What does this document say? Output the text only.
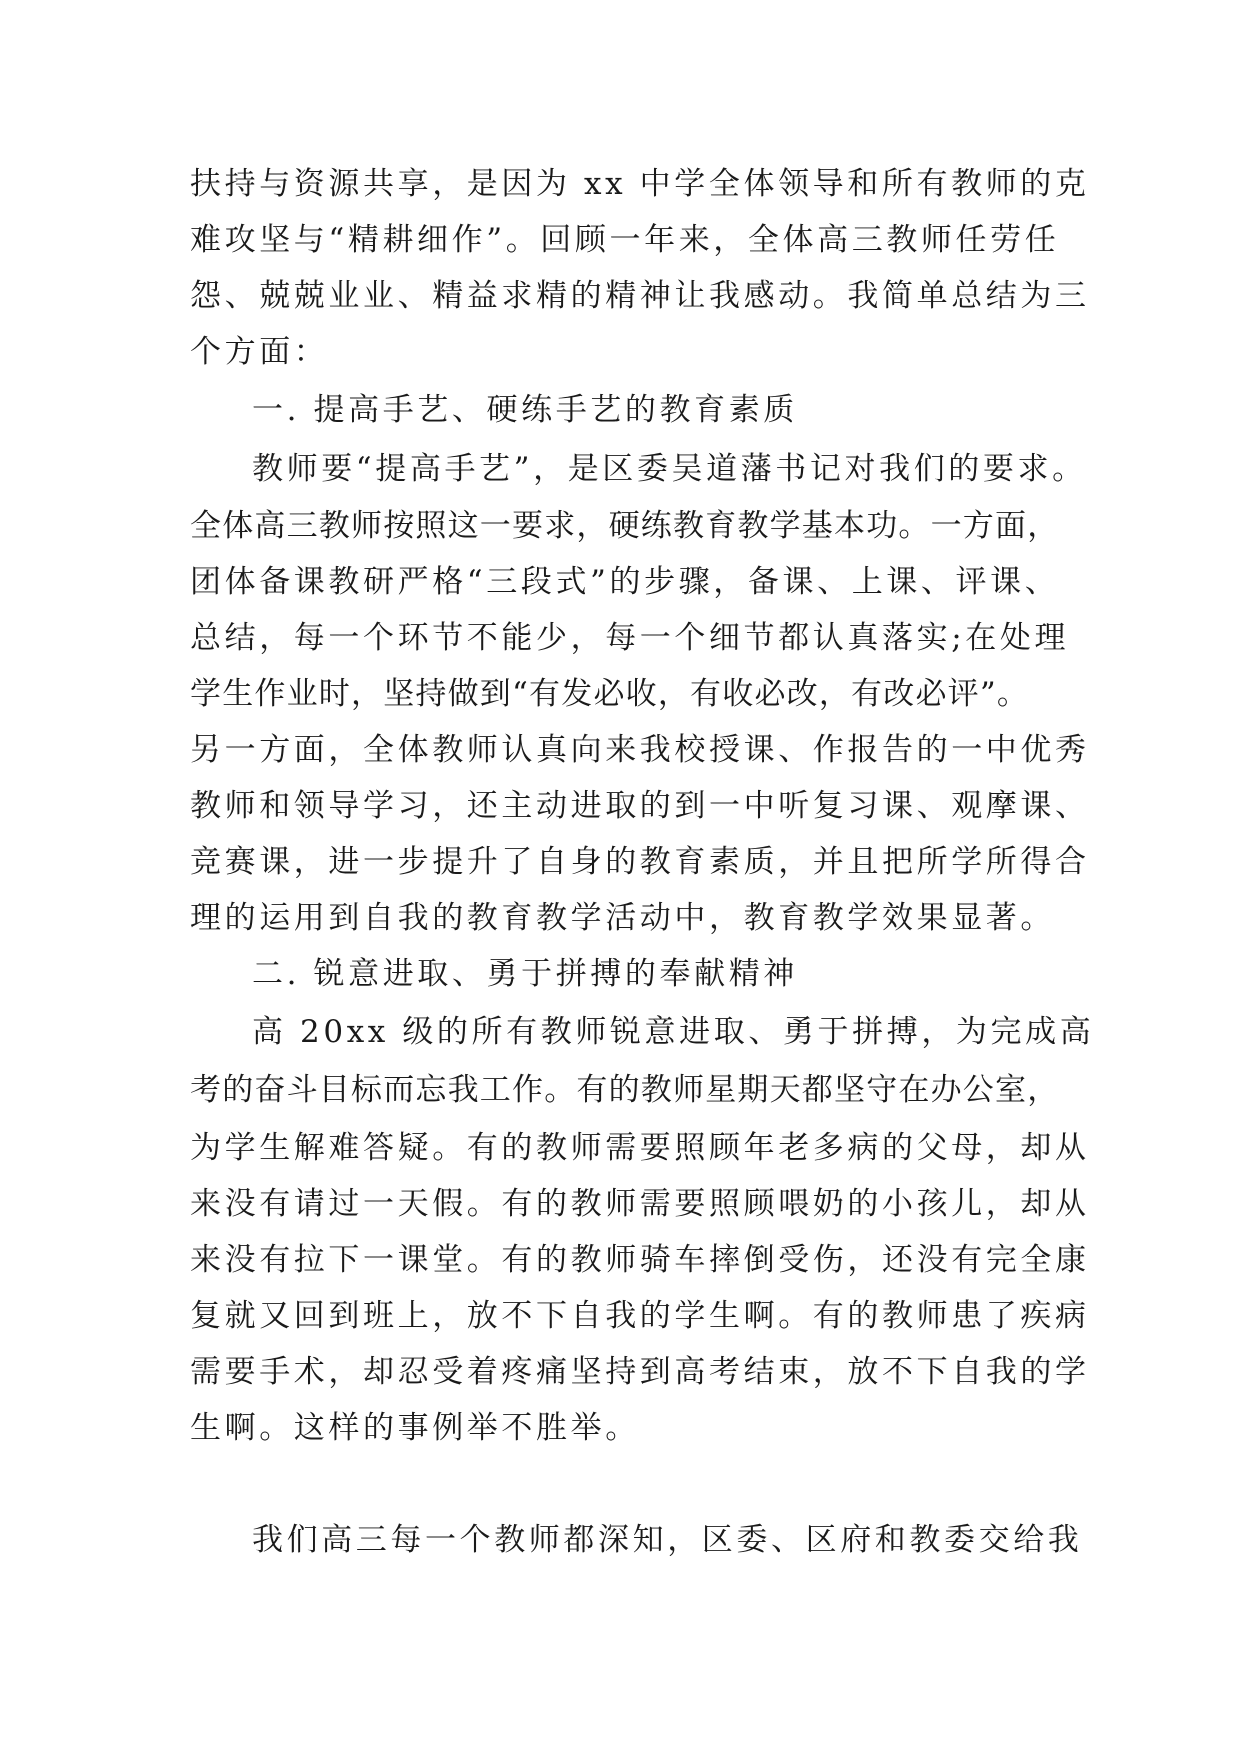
扶持与资源共享，是因为 xx 中学全体领导和所有教师的克
难攻坚与“精耕细作”。回顾一年来，全体高三教师任劳任
怨、兢兢业业、精益求精的精神让我感动。我简单总结为三
个方面：
一. 提高手艺、硬练手艺的教育素质
教师要“提高手艺”，是区委吴道藩书记对我们的要求。
全体高三教师按照这一要求，硬练教育教学基本功。一方面，
团体备课教研严格“三段式”的步骤，备课、上课、评课、
总结，每一个环节不能少，每一个细节都认真落实;在处理
学生作业时，坚持做到“有发必收，有收必改，有改必评”。
另一方面，全体教师认真向来我校授课、作报告的一中优秀
教师和领导学习，还主动进取的到一中听复习课、观摩课、
竞赛课，进一步提升了自身的教育素质，并且把所学所得合
理的运用到自我的教育教学活动中，教育教学效果显著。
二. 锐意进取、勇于拼搏的奉献精神
高 20xx 级的所有教师锐意进取、勇于拼搏，为完成高
考的奋斗目标而忘我工作。有的教师星期天都坚守在办公室，
为学生解难答疑。有的教师需要照顾年老多病的父母，却从
来没有请过一天假。有的教师需要照顾喂奶的小孩儿，却从
来没有拉下一课堂。有的教师骑车摔倒受伤，还没有完全康
复就又回到班上，放不下自我的学生啊。有的教师患了疾病
需要手术，却忍受着疼痛坚持到高考结束，放不下自我的学
生啊。这样的事例举不胜举。
我们高三每一个教师都深知，区委、区府和教委交给我
